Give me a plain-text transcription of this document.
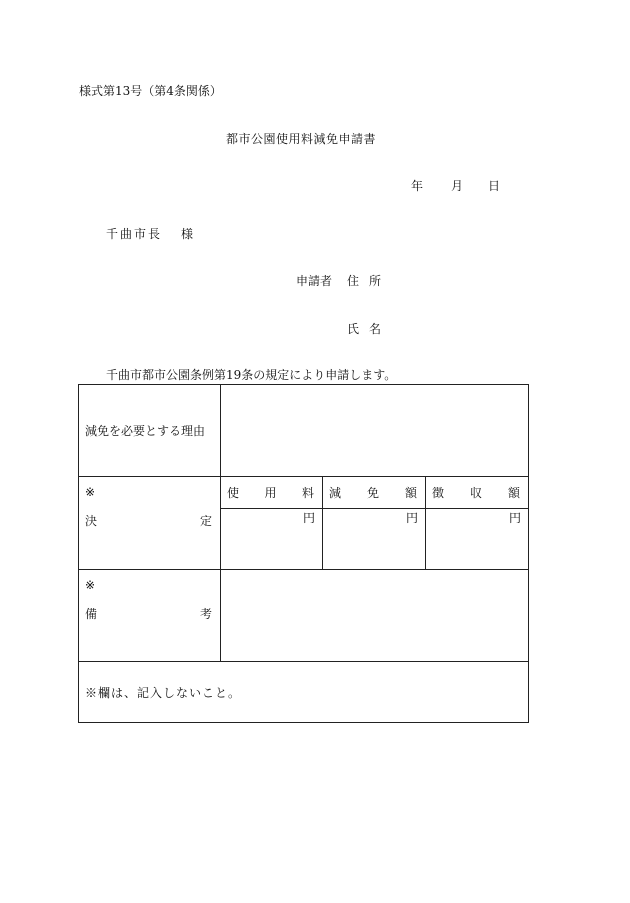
様式第13号（第4条関係）
都市公園使用料減免申請書
年 月 日
千曲市長 様
申請者 住所
氏名
千曲市都市公園条例第19条の規定により申請します。
減免を必要とする理由			

※
決 定	使 用 料	減 免 額	徴 収 額

	円	円	円

※
備 考			

※欄は、記入しないこと。			
